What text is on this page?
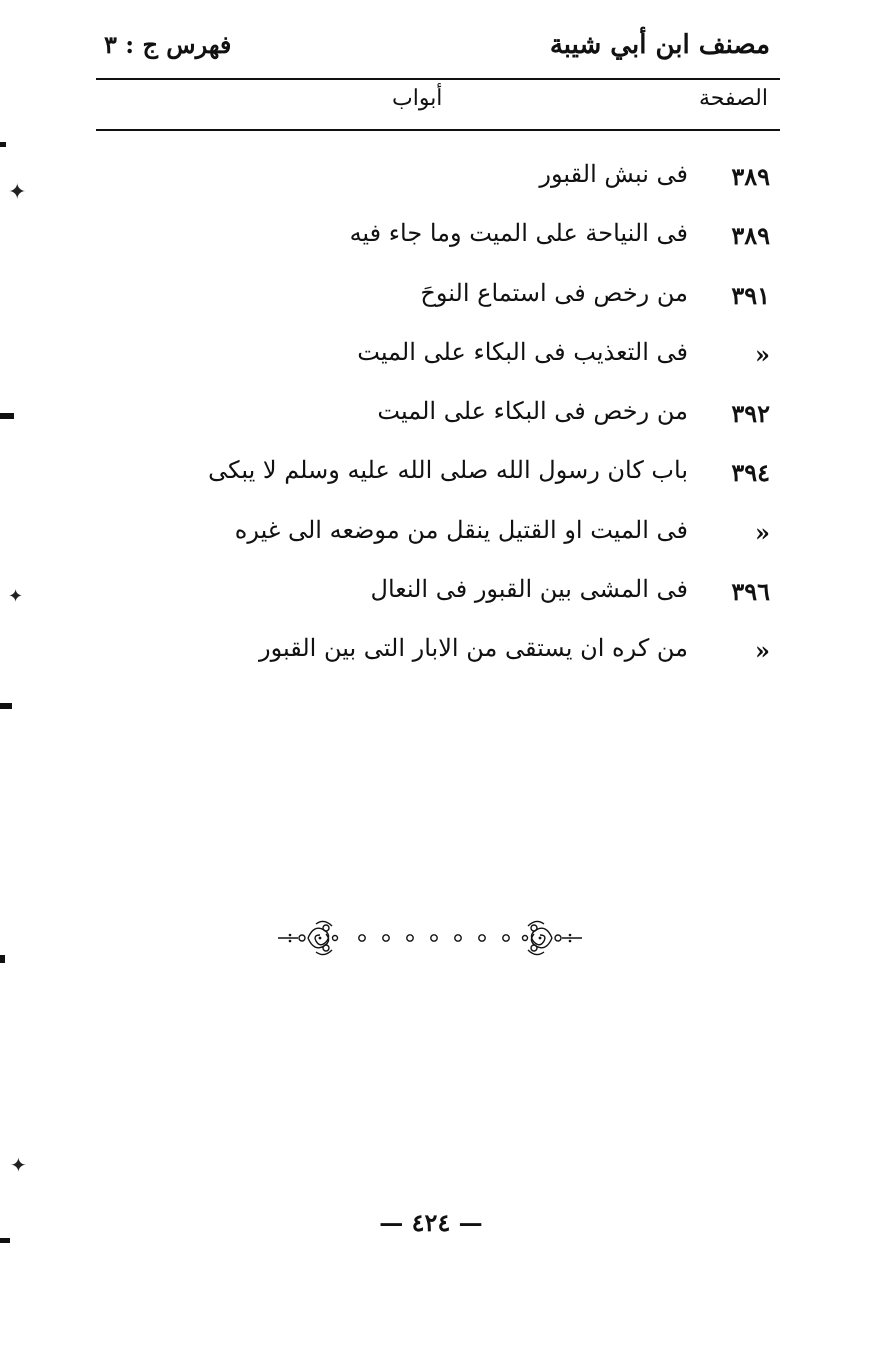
مصنف ابن أبي شيبة
فهرس ج : ٣
الصفحة
أبواب
٣٨٩
فى نبش القبور
٣٨٩
فى النياحة على الميت وما جاء فيه
٣٩١
من رخص فى استماع النوحَ
«
فى التعذيب فى البكاء على الميت
٣٩٢
من رخص فى البكاء على الميت
٣٩٤
باب كان رسول الله صلى الله عليه وسلم لا يبكى
«
فى الميت او القتيل ينقل من موضعه الى غيره
٣٩٦
فى المشى بين القبور فى النعال
«
من كره ان يستقى من الابار التى بين القبور
— ٤٢٤ —
✦
✦
✦
